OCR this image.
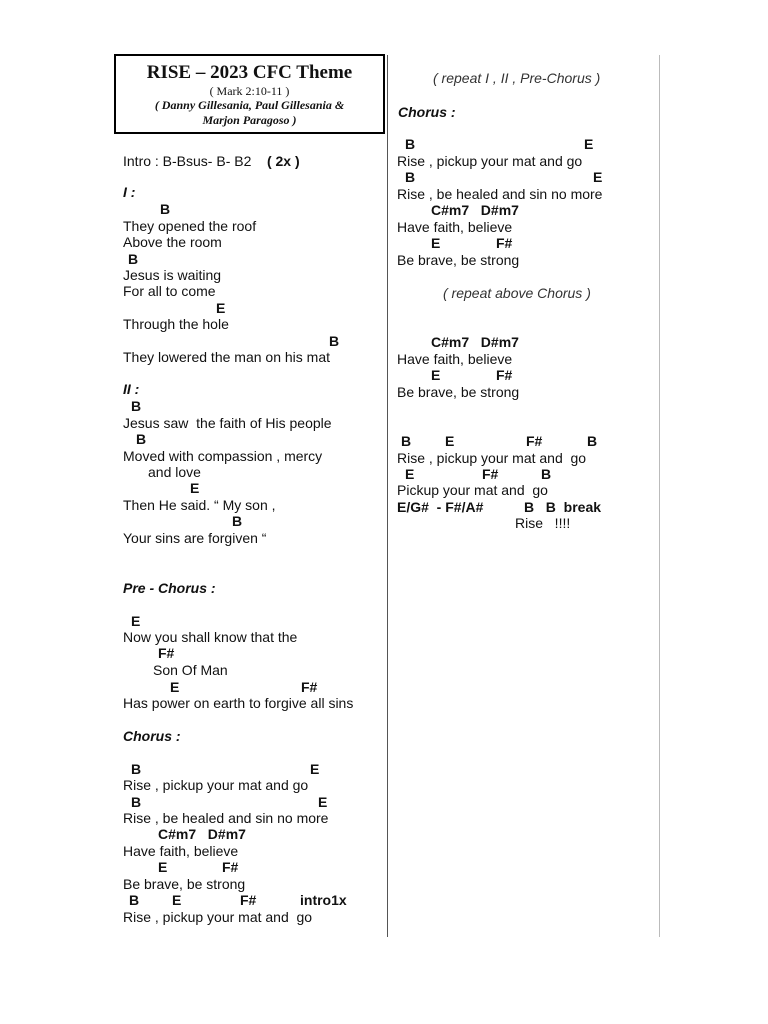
RISE – 2023 CFC Theme
( Mark 2:10-11 )
( Danny Gillesania, Paul Gillesania &
Marjon Paragoso )
Intro : B-Bsus- B- B2 ( 2x )
I :
B
They opened the roof
Above the room
B
Jesus is waiting
For all to come
E
Through the hole
B
They lowered the man on his mat
II :
B
Jesus saw  the faith of His people
B
Moved with compassion , mercy
and love
E
Then He said. “ My son ,
B
Your sins are forgiven “
Pre - Chorus :
E
Now you shall know that the
F#
Son Of Man
E	F#
Has power on earth to forgive all sins
Chorus :
B	E
Rise , pickup your mat and go
B	E
Rise , be healed and sin no more
C#m7   D#m7
Have faith, believe
E	F#
Be brave, be strong
B E	F#	intro1x
Rise , pickup your mat and  go
( repeat I , II , Pre-Chorus )
Chorus :
B	E
Rise , pickup your mat and go
B	E
Rise , be healed and sin no more
C#m7   D#m7
Have faith, believe
E	F#
Be brave, be strong
( repeat above Chorus )
C#m7   D#m7
Have faith, believe
E	F#
Be brave, be strong
B E	F#	B
Rise , pickup your mat and  go
E	F#	B
Pickup your mat and  go
E/G#  - F#/A#	B   B  break
Rise   !!!!
